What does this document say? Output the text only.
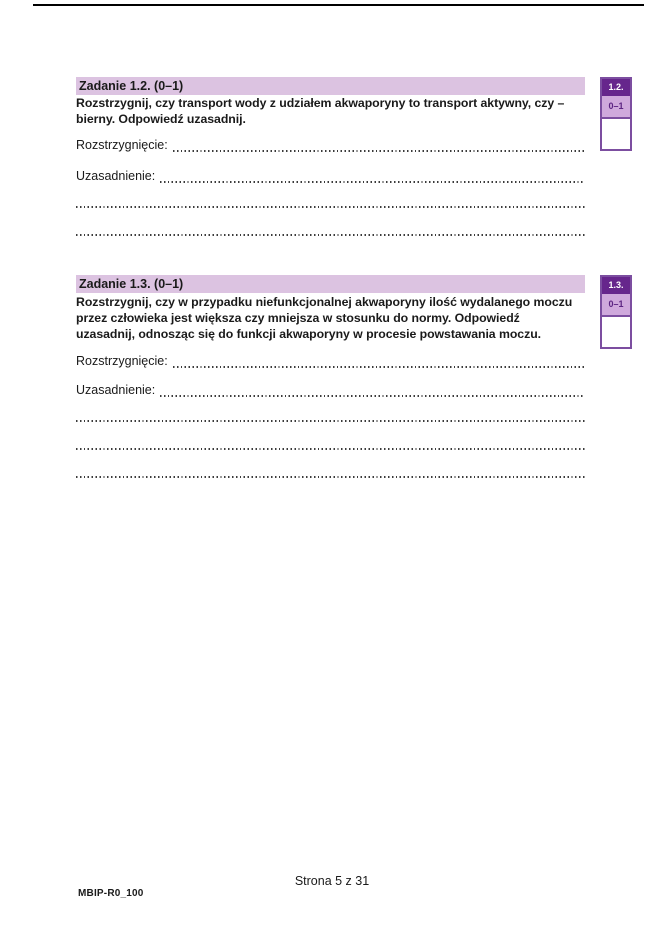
Zadanie 1.2. (0–1)
Rozstrzygnij, czy transport wody z udziałem akwaporyny to transport aktywny, czy –
bierny. Odpowiedź uzasadnij.
Rozstrzygnięcie:
Uzasadnienie:
1.2.
0–1
Zadanie 1.3. (0–1)
Rozstrzygnij, czy w przypadku niefunkcjonalnej akwaporyny ilość wydalanego moczu
przez człowieka jest większa czy mniejsza w stosunku do normy. Odpowiedź
uzasadnij, odnosząc się do funkcji akwaporyny w procesie powstawania moczu.
Rozstrzygnięcie:
Uzasadnienie:
1.3.
0–1
Strona 5 z 31
MBIP-R0_100
